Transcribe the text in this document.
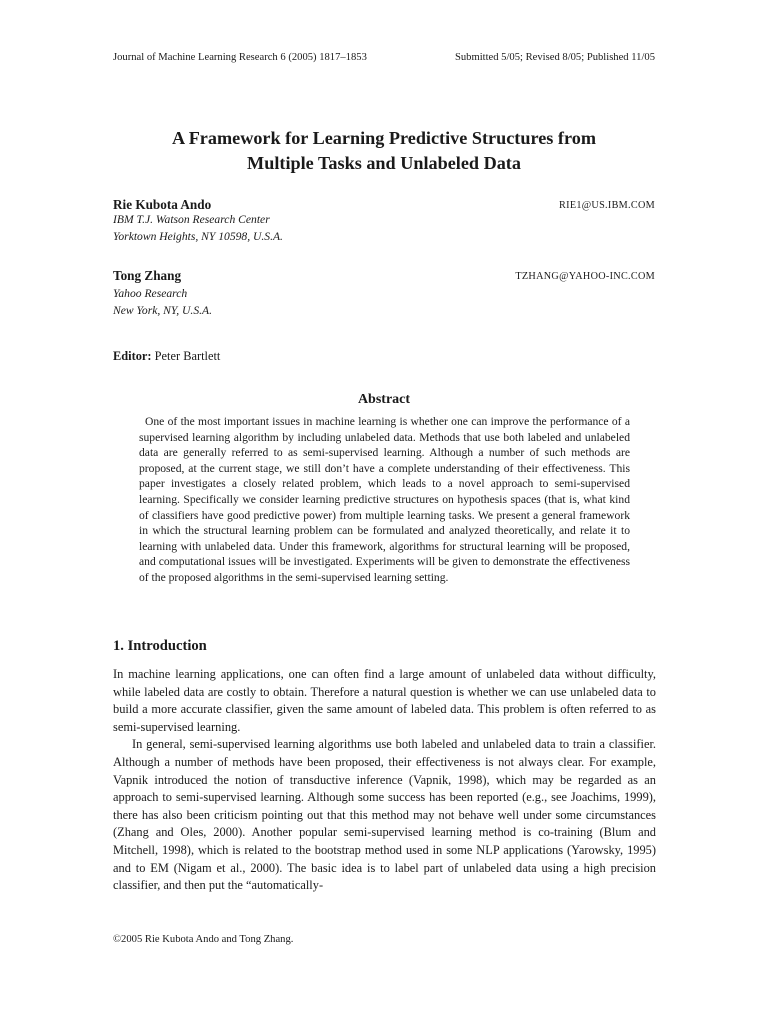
Journal of Machine Learning Research 6 (2005) 1817–1853	Submitted 5/05; Revised 8/05; Published 11/05
A Framework for Learning Predictive Structures from
Multiple Tasks and Unlabeled Data
Rie Kubota Ando	RIE1@US.IBM.COM
IBM T.J. Watson Research Center
Yorktown Heights, NY 10598, U.S.A.
Tong Zhang	TZHANG@YAHOO-INC.COM
Yahoo Research
New York, NY, U.S.A.
Editor: Peter Bartlett
Abstract
One of the most important issues in machine learning is whether one can improve the performance of a supervised learning algorithm by including unlabeled data. Methods that use both labeled and unlabeled data are generally referred to as semi-supervised learning. Although a number of such methods are proposed, at the current stage, we still don’t have a complete understanding of their effectiveness. This paper investigates a closely related problem, which leads to a novel approach to semi-supervised learning. Specifically we consider learning predictive structures on hypothesis spaces (that is, what kind of classifiers have good predictive power) from multiple learning tasks. We present a general framework in which the structural learning problem can be formulated and analyzed theoretically, and relate it to learning with unlabeled data. Under this framework, algorithms for structural learning will be proposed, and computational issues will be investigated. Experiments will be given to demonstrate the effectiveness of the proposed algorithms in the semi-supervised learning setting.
1. Introduction

In machine learning applications, one can often find a large amount of unlabeled data without difficulty, while labeled data are costly to obtain. Therefore a natural question is whether we can use unlabeled data to build a more accurate classifier, given the same amount of labeled data. This problem is often referred to as semi-supervised learning.

In general, semi-supervised learning algorithms use both labeled and unlabeled data to train a classifier. Although a number of methods have been proposed, their effectiveness is not always clear. For example, Vapnik introduced the notion of transductive inference (Vapnik, 1998), which may be regarded as an approach to semi-supervised learning. Although some success has been reported (e.g., see Joachims, 1999), there has also been criticism pointing out that this method may not behave well under some circumstances (Zhang and Oles, 2000). Another popular semi-supervised learning method is co-training (Blum and Mitchell, 1998), which is related to the bootstrap method used in some NLP applications (Yarowsky, 1995) and to EM (Nigam et al., 2000). The basic idea is to label part of unlabeled data using a high precision classifier, and then put the “automatically-

©2005 Rie Kubota Ando and Tong Zhang.
